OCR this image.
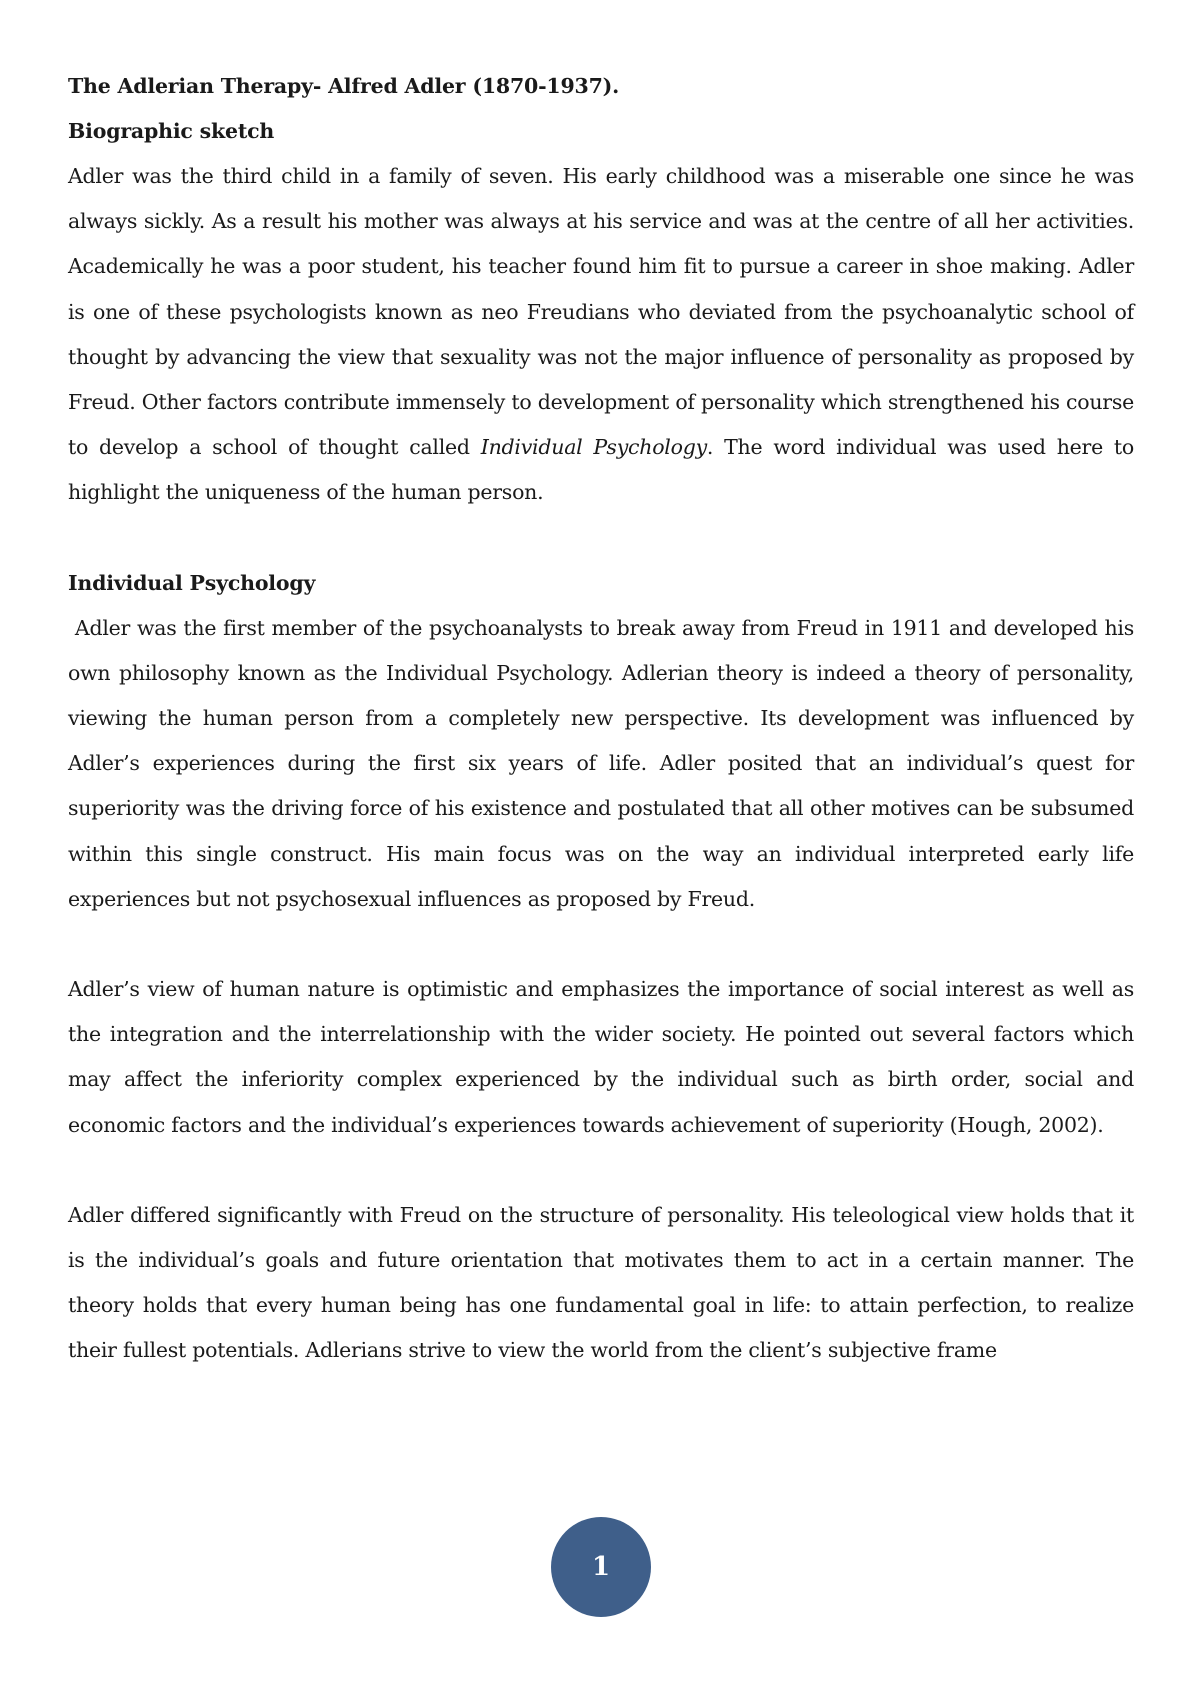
The Adlerian Therapy- Alfred Adler (1870-1937).

Biographic sketch

Adler was the third child in a family of seven. His early childhood was a miserable one since he was always sickly. As a result his mother was always at his service and was at the centre of all her activities. Academically he was a poor student, his teacher found him fit to pursue a career in shoe making. Adler is one of these psychologists known as neo Freudians who deviated from the psychoanalytic school of thought by advancing the view that sexuality was not the major influence of personality as proposed by Freud. Other factors contribute immensely to development of personality which strengthened his course to develop a school of thought called Individual Psychology. The word individual was used here to highlight the uniqueness of the human person.

Individual Psychology

Adler was the first member of the psychoanalysts to break away from Freud in 1911 and developed his own philosophy known as the Individual Psychology. Adlerian theory is indeed a theory of personality, viewing the human person from a completely new perspective. Its development was influenced by Adler’s experiences during the first six years of life. Adler posited that an individual’s quest for superiority was the driving force of his existence and postulated that all other motives can be subsumed within this single construct. His main focus was on the way an individual interpreted early life experiences but not psychosexual influences as proposed by Freud.

Adler’s view of human nature is optimistic and emphasizes the importance of social interest as well as the integration and the interrelationship with the wider society. He pointed out several factors which may affect the inferiority complex experienced by the individual such as birth order, social and economic factors and the individual’s experiences towards achievement of superiority (Hough, 2002).

Adler differed significantly with Freud on the structure of personality. His teleological view holds that it is the individual’s goals and future orientation that motivates them to act in a certain manner. The theory holds that every human being has one fundamental goal in life: to attain perfection, to realize their fullest potentials. Adlerians strive to view the world from the client’s subjective frame

1
